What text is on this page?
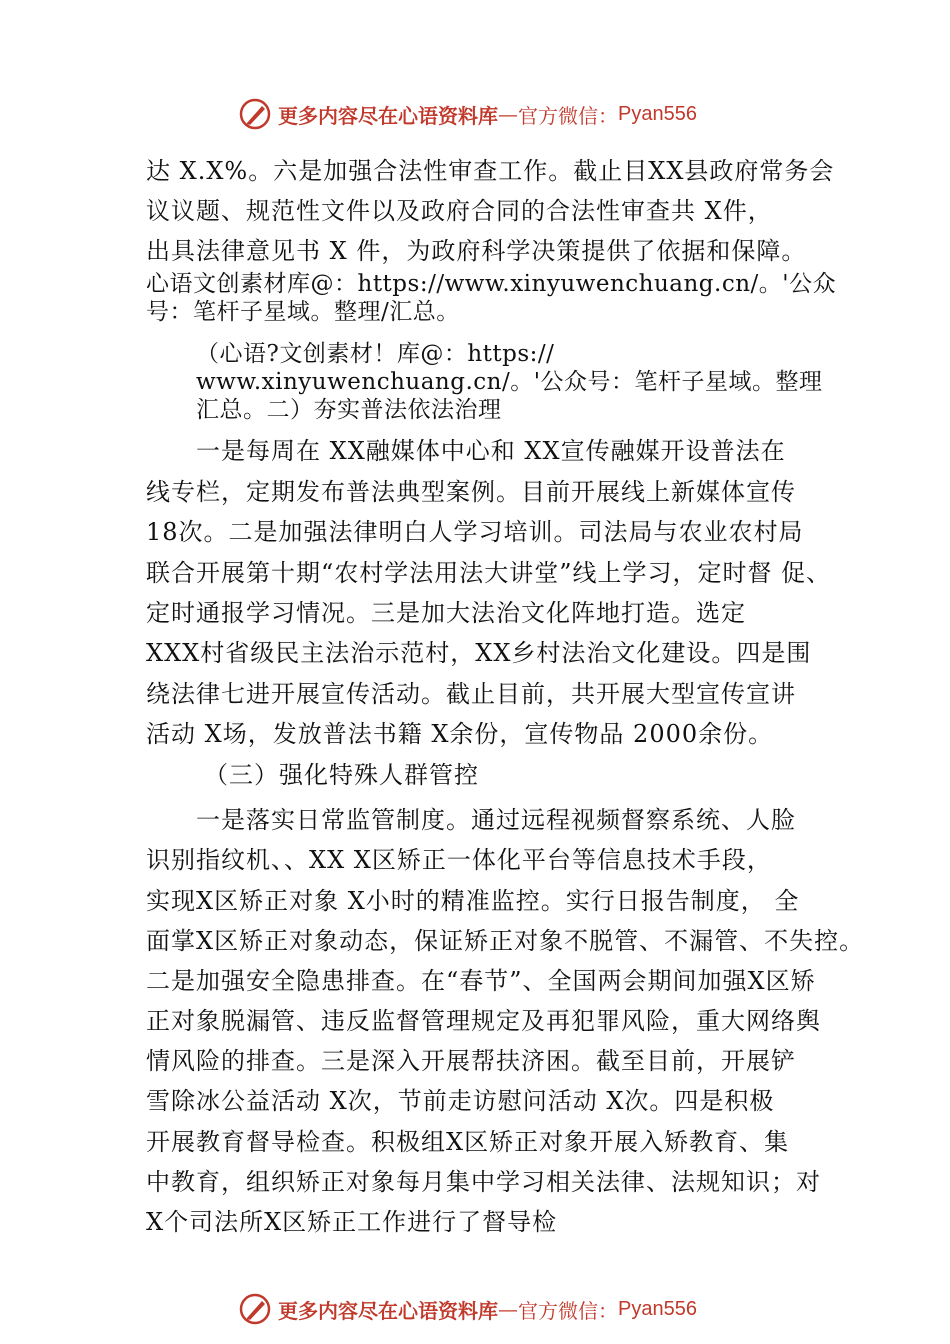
更多内容尽在心语资料库 — 官方微信： Pyan556
达 X.X%。六是加强合法性审查工作。截止目XX县政府常务会
议议题、规范性文件以及政府合同的合法性审查共 X件，
出具法律意见书 X 件，为政府科学决策提供了依据和保障。
心语文创素材库@：https://www.xinyuwenchuang.cn/。'公众
号：笔杆子星域。整理/汇总。
（心语?文创素材！库@：https://
www.xinyuwenchuang.cn/。'公众号：笔杆子星域。整理
汇总。二）夯实普法依法治理
一是每周在 XX融媒体中心和 XX宣传融媒开设普法在
线专栏，定期发布普法典型案例。目前开展线上新媒体宣传
18次。二是加强法律明白人学习培训。司法局与农业农村局
联合开展第十期“农村学法用法大讲堂”线上学习，定时督 促、
定时通报学习情况。三是加大法治文化阵地打造。选定
XXX村省级民主法治示范村，XX乡村法治文化建设。四是围
绕法律七进开展宣传活动。截止目前，共开展大型宣传宣讲
活动 X场，发放普法书籍 X余份，宣传物品 2000余份。
（三）强化特殊人群管控
一是落实日常监管制度。通过远程视频督察系统、人脸
识别指纹机、、XX X区矫正一体化平台等信息技术手段，
实现X区矫正对象 X小时的精准监控。实行日报告制度， 全
面掌X区矫正对象动态，保证矫正对象不脱管、不漏管、不失控。
二是加强安全隐患排查。在“春节”、全国两会期间加强X区矫
正对象脱漏管、违反监督管理规定及再犯罪风险，重大网络舆
情风险的排查。三是深入开展帮扶济困。截至目前，开展铲
雪除冰公益活动 X次，节前走访慰问活动 X次。四是积极
开展教育督导检查。积极组X区矫正对象开展入矫教育、集
中教育，组织矫正对象每月集中学习相关法律、法规知识；对
X个司法所X区矫正工作进行了督导检
更多内容尽在心语资料库 — 官方微信： Pyan556
